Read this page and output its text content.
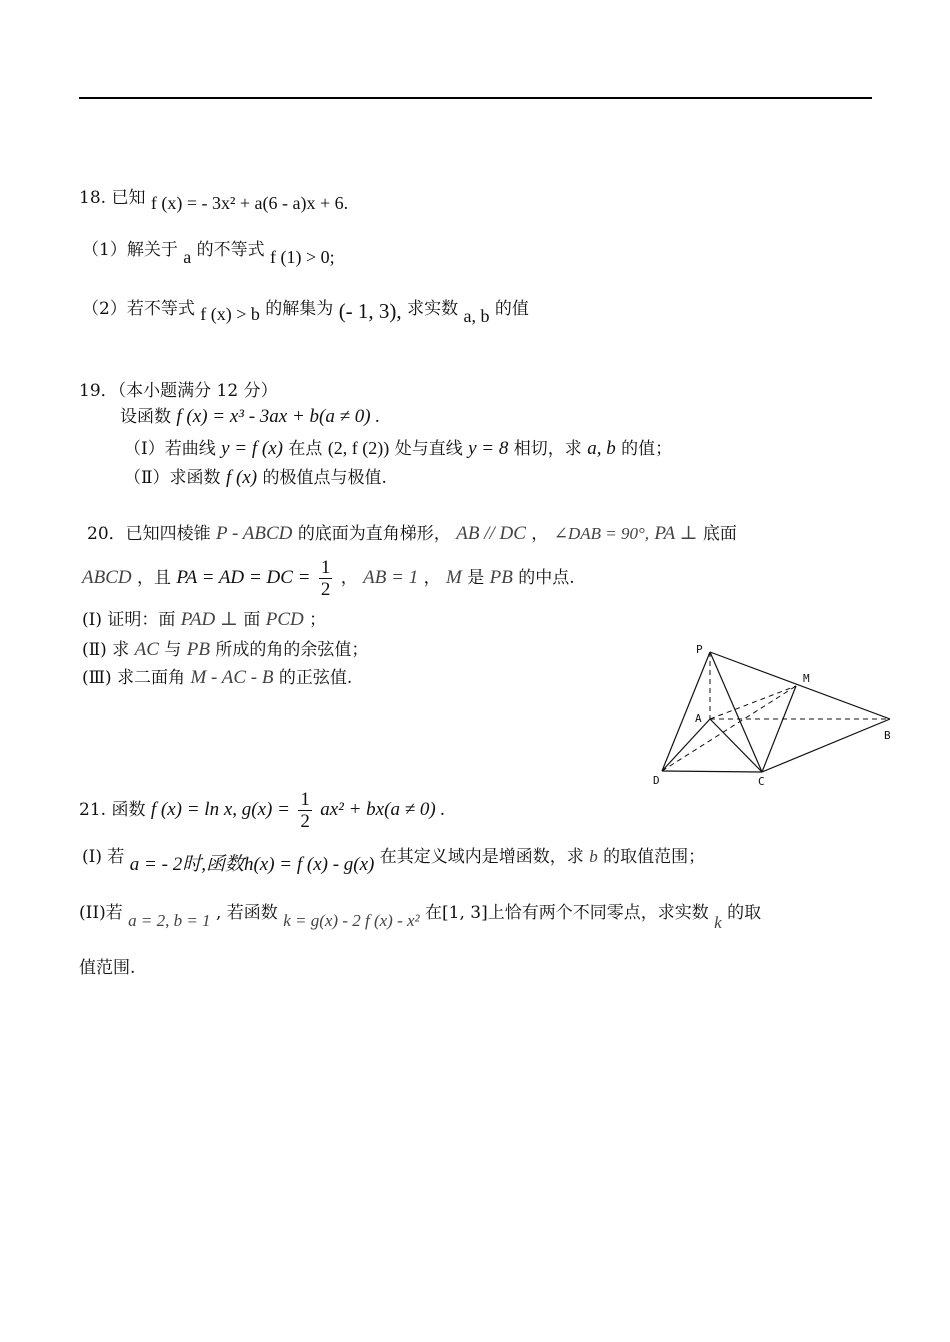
18. 已知 f (x) = - 3x² + a(6 - a)x + 6.
（1）解关于 a 的不等式 f (1) > 0;
（2）若不等式 f (x) > b 的解集为 (- 1, 3), 求实数 a, b 的值
19．（本小题满分 12 分）
设函数 f (x) = x³ - 3ax + b(a ≠ 0) .
（Ⅰ）若曲线 y = f (x) 在点 (2, f (2)) 处与直线 y = 8 相切，求 a, b 的值；
（Ⅱ）求函数 f (x) 的极值点与极值.
20．已知四棱锥 P - ABCD 的底面为直角梯形， AB // DC ， ∠DAB = 90°, PA ⊥ 底面
ABCD ，且 PA = AD = DC = $\frac{1}{2}$ ， AB = 1 ， M 是 PB 的中点.
(Ⅰ) 证明：面 PAD ⊥ 面 PCD ；
(Ⅱ) 求 AC 与 PB 所成的角的余弦值；
(Ⅲ) 求二面角 M - AC - B 的正弦值.
P
M
A
B
D	C
21. 函数 f (x) = ln x, $g(x) = \frac{1}{2} ax^2 + bx(a \ne 0)$ .
(I) 若 a = - 2时,函数h(x) = f (x) - g(x) 在其定义域内是增函数，求 b 的取值范围；
(II)若 a = 2, b = 1 , 若函数 k = g(x) - 2 f (x) - x² 在[1, 3]上恰有两个不同零点，求实数 k 的取
值范围.
